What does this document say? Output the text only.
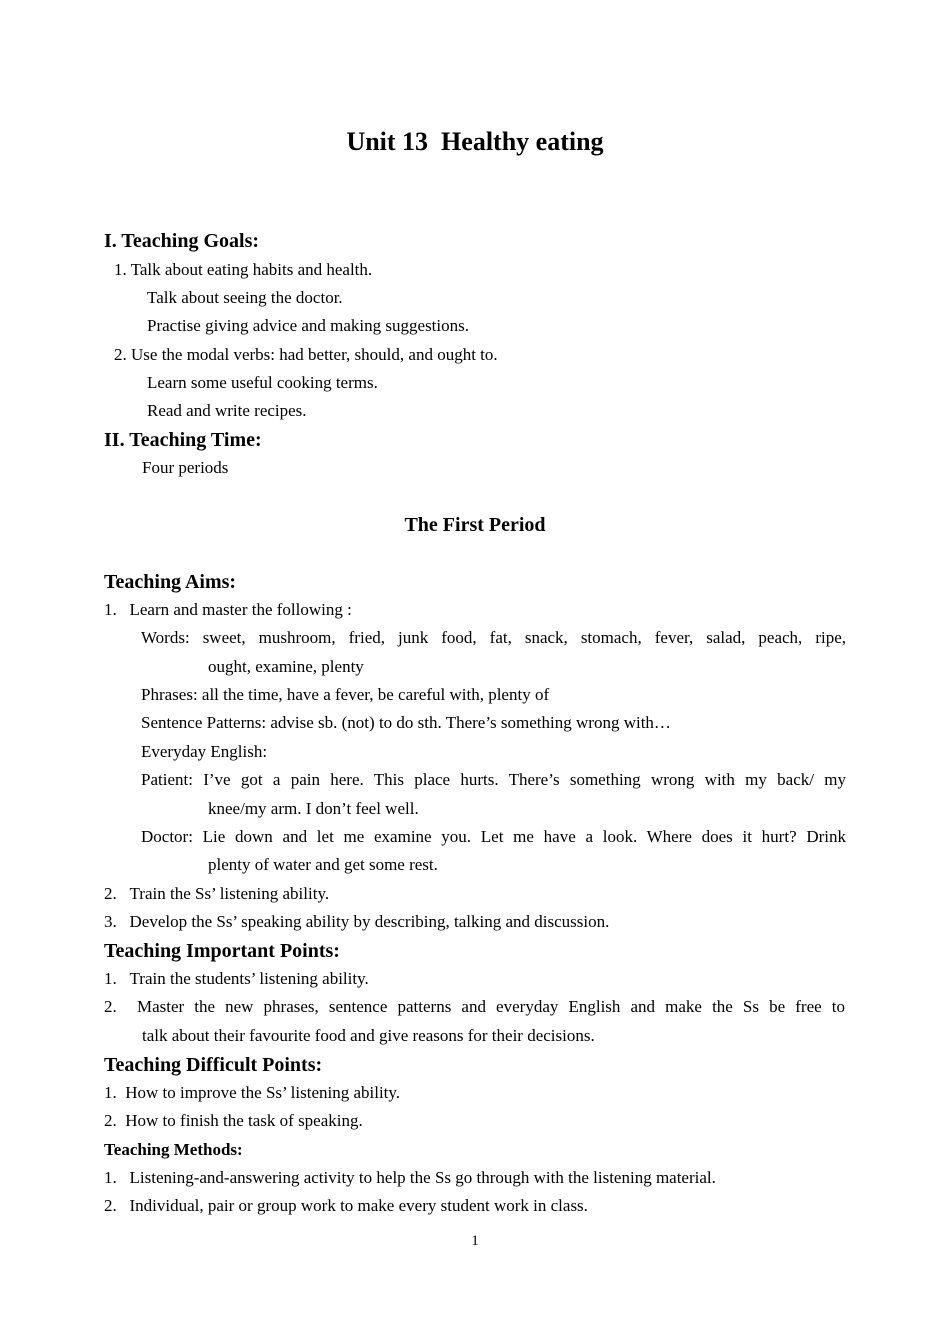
Unit 13  Healthy eating
I. Teaching Goals:
1. Talk about eating habits and health.
Talk about seeing the doctor.
Practise giving advice and making suggestions.
2. Use the modal verbs: had better, should, and ought to.
Learn some useful cooking terms.
Read and write recipes.
II. Teaching Time:
Four periods
The First Period
Teaching Aims:
1.   Learn and master the following :
Words: sweet, mushroom, fried, junk food, fat, snack, stomach, fever, salad, peach, ripe,
ought, examine, plenty
Phrases: all the time, have a fever, be careful with, plenty of
Sentence Patterns: advise sb. (not) to do sth. There’s something wrong with…
Everyday English:
Patient: I’ve got a pain here. This place hurts. There’s something wrong with my back/ my
knee/my arm. I don’t feel well.
Doctor: Lie down and let me examine you. Let me have a look. Where does it hurt? Drink
plenty of water and get some rest.
2.   Train the Ss’ listening ability.
3.   Develop the Ss’ speaking ability by describing, talking and discussion.
Teaching Important Points:
1.   Train the students’ listening ability.
2.  Master the new phrases, sentence patterns and everyday English and make the Ss be free to
talk about their favourite food and give reasons for their decisions.
Teaching Difficult Points:
1.  How to improve the Ss’ listening ability.
2.  How to finish the task of speaking.
Teaching Methods:
1.   Listening-and-answering activity to help the Ss go through with the listening material.
2.   Individual, pair or group work to make every student work in class.
1
